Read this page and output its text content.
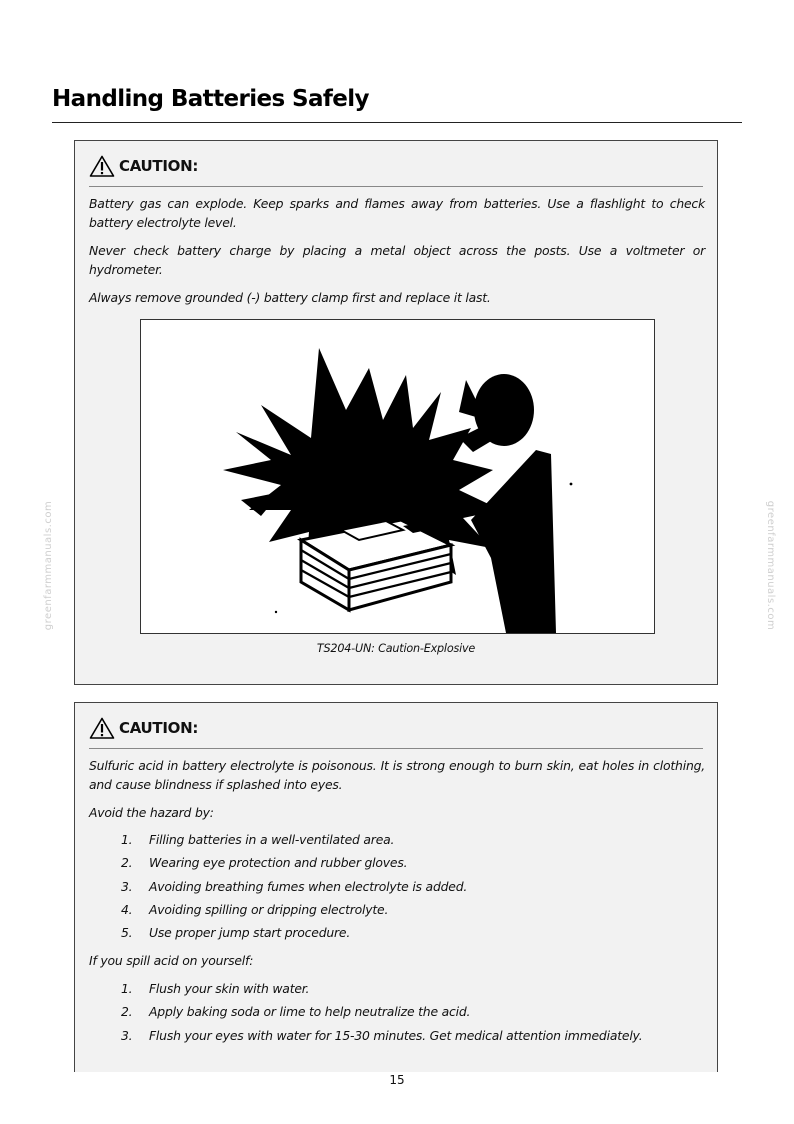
Handling Batteries Safely
greenfarmmanuals.com	greenfarmmanuals.com
CAUTION:
Battery gas can explode. Keep sparks and flames away from batteries. Use a flashlight to check battery electrolyte level.
Never check battery charge by placing a metal object across the posts. Use a voltmeter or hydrometer.
Always remove grounded (-) battery clamp first and replace it last.
TS204-UN: Caution-Explosive
CAUTION:
Sulfuric acid in battery electrolyte is poisonous. It is strong enough to burn skin, eat holes in clothing, and cause blindness if splashed into eyes.
Avoid the hazard by:
1. Filling batteries in a well-ventilated area.
2. Wearing eye protection and rubber gloves.
3. Avoiding breathing fumes when electrolyte is added.
4. Avoiding spilling or dripping electrolyte.
5. Use proper jump start procedure.
If you spill acid on yourself:
1. Flush your skin with water.
2. Apply baking soda or lime to help neutralize the acid.
3. Flush your eyes with water for 15-30 minutes. Get medical attention immediately.
15
